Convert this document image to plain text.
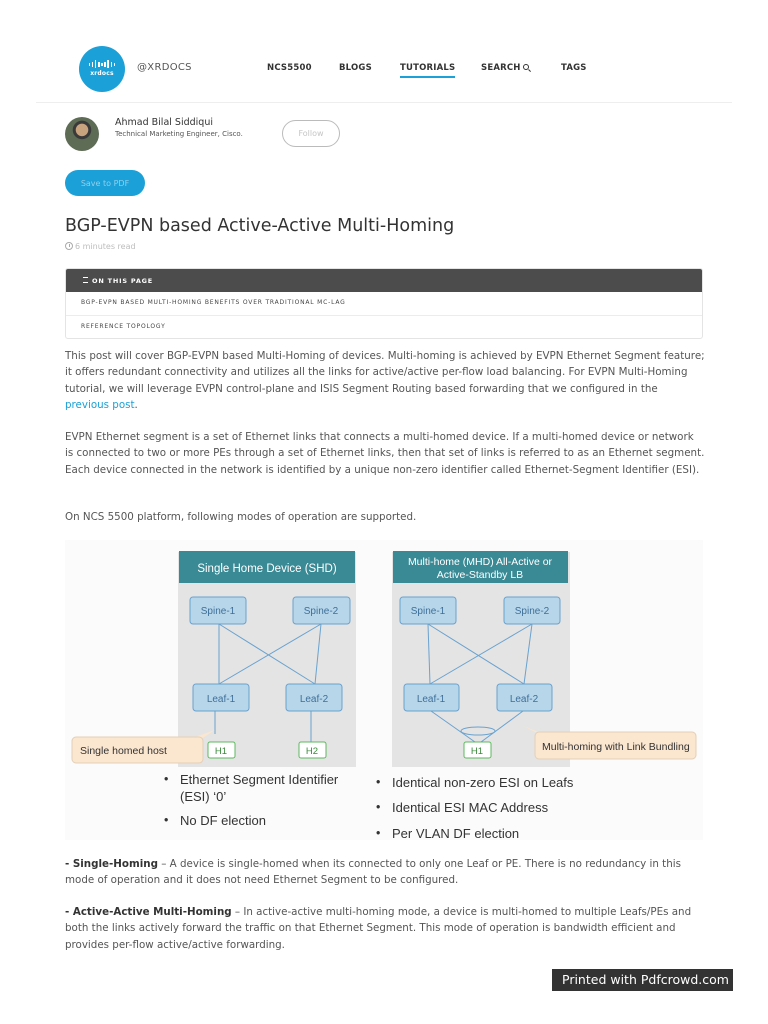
xrdocs
@XRDOCS	NCS5500	BLOGS	TUTORIALS	SEARCH	TAGS
Ahmad Bilal Siddiqui
Technical Marketing Engineer, Cisco.	Follow
Save to PDF
BGP-EVPN based Active-Active Multi-Homing
6 minutes read
ON THIS PAGE
BGP-EVPN BASED MULTI-HOMING BENEFITS OVER TRADITIONAL MC-LAG
REFERENCE TOPOLOGY

This post will cover BGP-EVPN based Multi-Homing of devices. Multi-homing is achieved by EVPN Ethernet Segment feature; it offers redundant connectivity and utilizes all the links for active/active per-flow load balancing. For EVPN Multi-Homing tutorial, we will leverage EVPN control-plane and ISIS Segment Routing based forwarding that we configured in the previous post.

EVPN Ethernet segment is a set of Ethernet links that connects a multi-homed device. If a multi-homed device or network is connected to two or more PEs through a set of Ethernet links, then that set of links is referred to as an Ethernet segment. Each device connected in the network is identified by a unique non-zero identifier called Ethernet-Segment Identifier (ESI).

On NCS 5500 platform, following modes of operation are supported.

Single Home Device (SHD)
Spine-1	Spine-2
Leaf-1	Leaf-2
H1	H2
Single homed host
Multi-home (MHD) All-Active or
Active-Standby LB
Spine-1	Spine-2
Leaf-1	Leaf-2
H1	Multi-homing with Link Bundling
• Ethernet Segment Identifier
(ESI) ‘0’
• No DF election
• Identical non-zero ESI on Leafs
• Identical ESI MAC Address
• Per VLAN DF election

- Single-Homing – A device is single-homed when its connected to only one Leaf or PE. There is no redundancy in this mode of operation and it does not need Ethernet Segment to be configured.

- Active-Active Multi-Homing – In active-active multi-homing mode, a device is multi-homed to multiple Leafs/PEs and both the links actively forward the traffic on that Ethernet Segment. This mode of operation is bandwidth efficient and provides per-flow active/active forwarding.

Printed with Pdfcrowd.com
